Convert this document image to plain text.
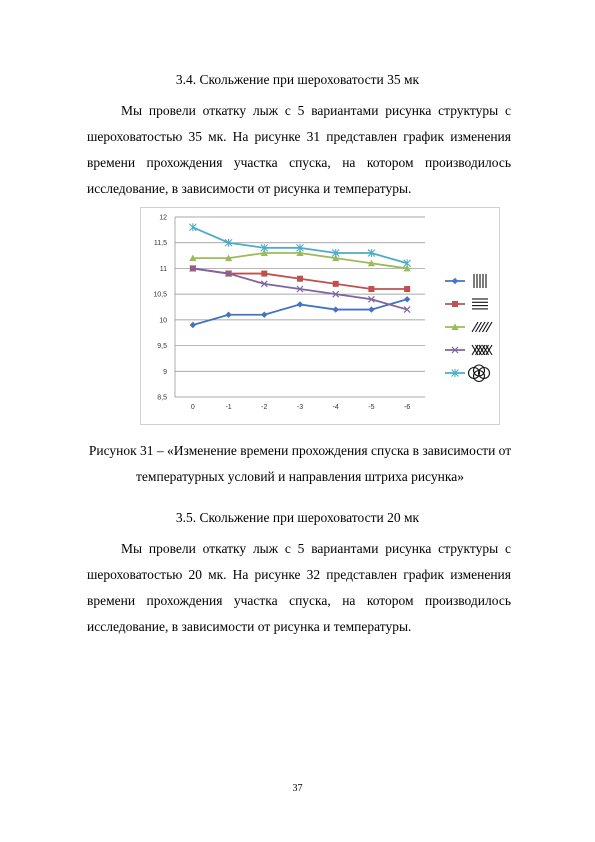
3.4. Скольжение при шероховатости 35 мк

Мы провели откатку лыж с 5 вариантами рисунка структуры с шероховатостью 35 мк. На рисунке 31 представлен график изменения времени прохождения участка спуска, на котором производилось исследование, в зависимости от рисунка и температуры.

8,5
9
9,5
10
10,5
11
11,5
12
0	-1	-2	-3	-4	-5	-6
Рисунок 31 – «Изменение времени прохождения спуска в зависимости от
температурных условий и направления штриха рисунка»
3.5. Скольжение при шероховатости 20 мк

Мы провели откатку лыж с 5 вариантами рисунка структуры с шероховатостью 20 мк. На рисунке 32 представлен график изменения времени прохождения участка спуска, на котором производилось исследование, в зависимости от рисунка и температуры.

37
